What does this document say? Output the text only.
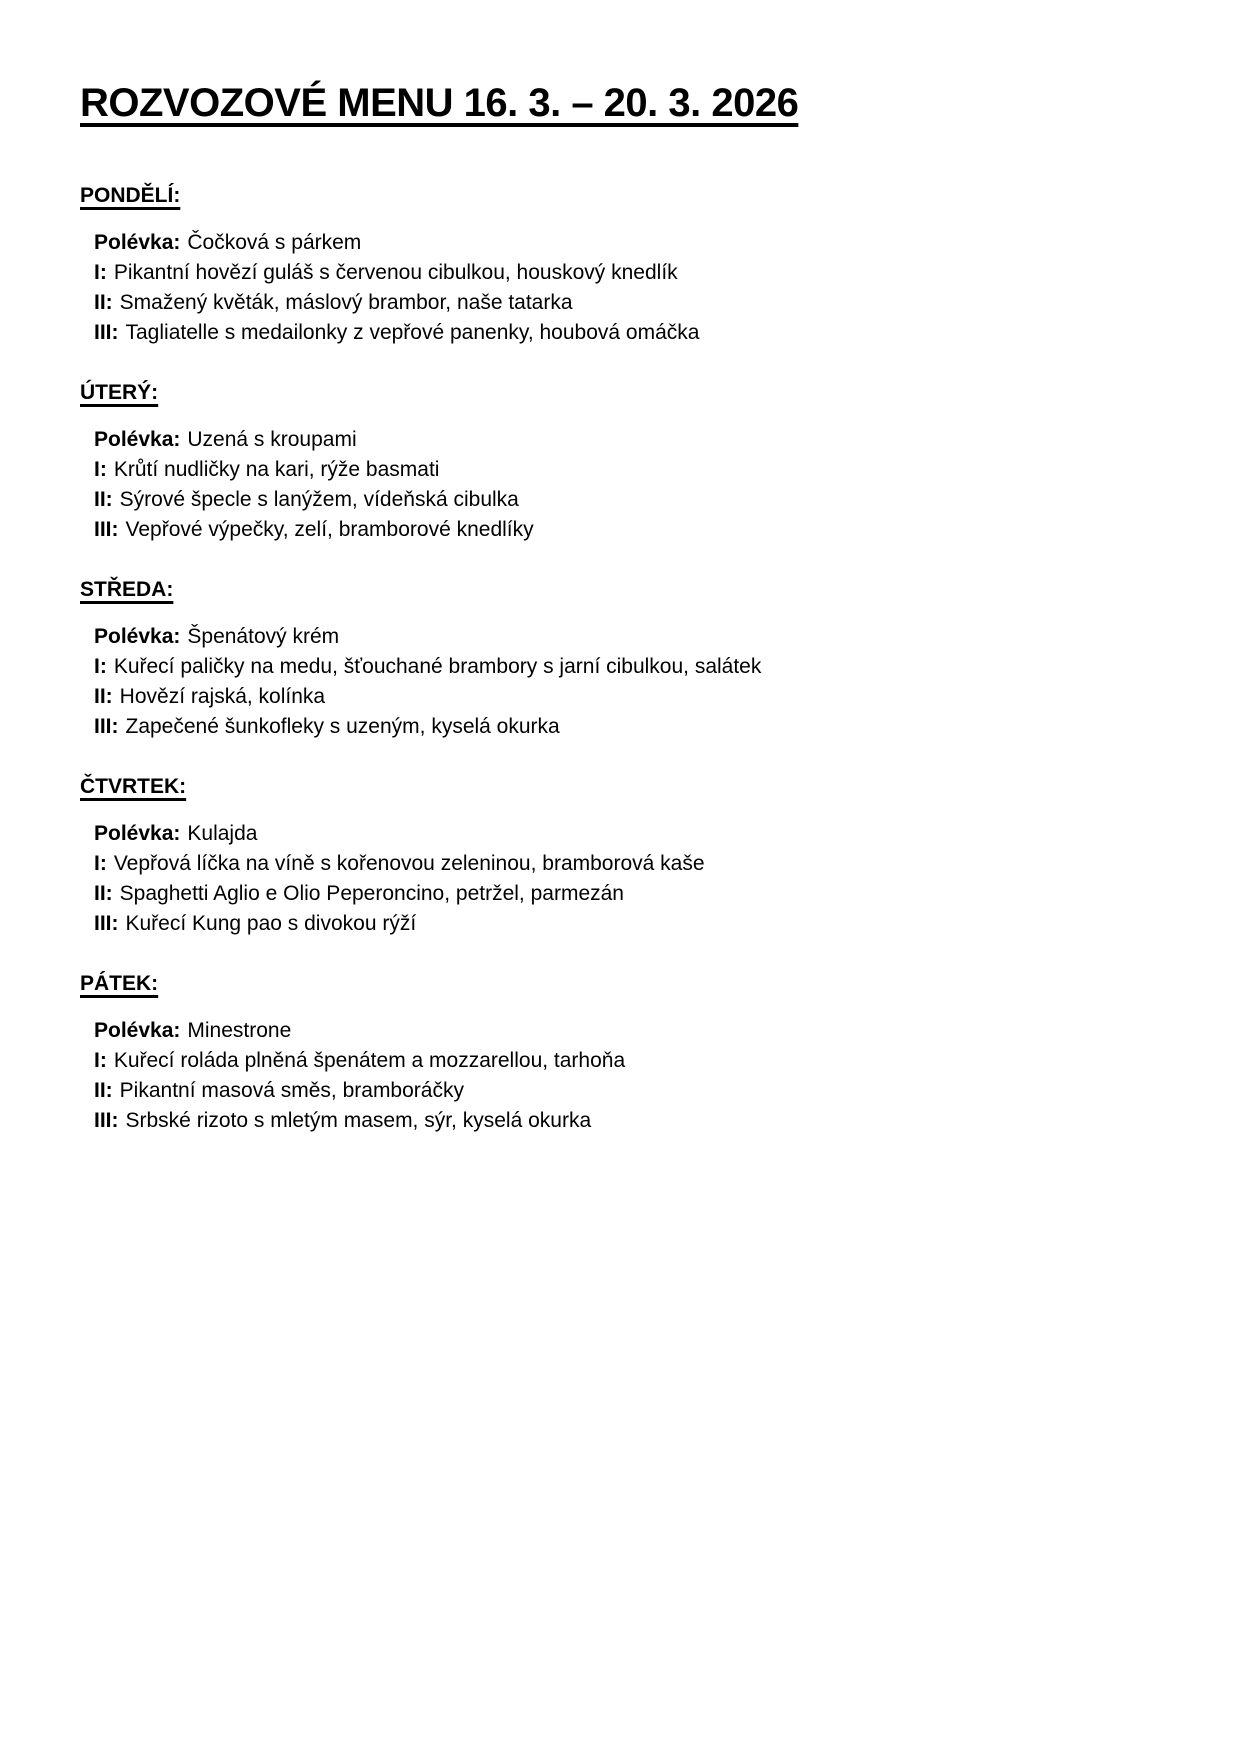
ROZVOZOVÉ MENU 16. 3. – 20. 3. 2026
PONDĚLÍ:
Polévka: Čočková s párkem
I: Pikantní hovězí guláš s červenou cibulkou, houskový knedlík
II: Smažený květák, máslový brambor, naše tatarka
III: Tagliatelle s medailonky z vepřové panenky, houbová omáčka
ÚTERÝ:
Polévka: Uzená s kroupami
I: Krůtí nudličky na kari, rýže basmati
II: Sýrové špecle s lanýžem, vídeňská cibulka
III: Vepřové výpečky, zelí, bramborové knedlíky
STŘEDA:
Polévka: Špenátový krém
I: Kuřecí paličky na medu, šťouchané brambory s jarní cibulkou, salátek
II: Hovězí rajská, kolínka
III: Zapečené šunkofleky s uzeným, kyselá okurka
ČTVRTEK:
Polévka: Kulajda
I: Vepřová líčka na víně s kořenovou zeleninou, bramborová kaše
II: Spaghetti Aglio e Olio Peperoncino, petržel, parmezán
III: Kuřecí Kung pao s divokou rýží
PÁTEK:
Polévka: Minestrone
I: Kuřecí roláda plněná špenátem a mozzarellou, tarhoňa
II: Pikantní masová směs, bramboráčky
III: Srbské rizoto s mletým masem, sýr, kyselá okurka
